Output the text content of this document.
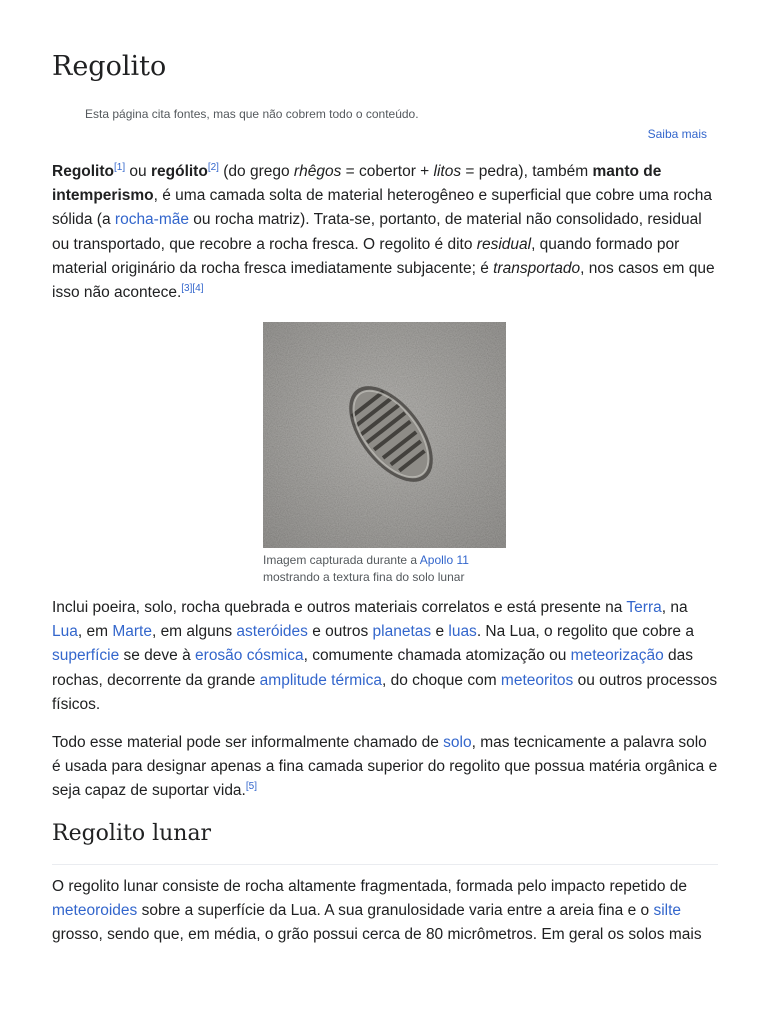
Regolito
Esta página cita fontes, mas que não cobrem todo o conteúdo.
Saiba mais

Regolito[1] ou rególito[2] (do grego rhêgos = cobertor + litos = pedra), também manto de intemperismo, é uma camada solta de material heterogêneo e superficial que cobre uma rocha sólida (a rocha-mãe ou rocha matriz). Trata-se, portanto, de material não consolidado, residual ou transportado, que recobre a rocha fresca. O regolito é dito residual, quando formado por material originário da rocha fresca imediatamente subjacente; é transportado, nos casos em que isso não acontece.[3][4]

Imagem capturada durante a Apollo 11 mostrando a textura fina do solo lunar

Inclui poeira, solo, rocha quebrada e outros materiais correlatos e está presente na Terra, na Lua, em Marte, em alguns asteróides e outros planetas e luas. Na Lua, o regolito que cobre a superfície se deve à erosão cósmica, comumente chamada atomização ou meteorização das rochas, decorrente da grande amplitude térmica, do choque com meteoritos ou outros processos físicos.

Todo esse material pode ser informalmente chamado de solo, mas tecnicamente a palavra solo é usada para designar apenas a fina camada superior do regolito que possua matéria orgânica e seja capaz de suportar vida.[5]

Regolito lunar

O regolito lunar consiste de rocha altamente fragmentada, formada pelo impacto repetido de meteoroides sobre a superfície da Lua. A sua granulosidade varia entre a areia fina e o silte grosso, sendo que, em média, o grão possui cerca de 80 micrômetros. Em geral os solos mais
